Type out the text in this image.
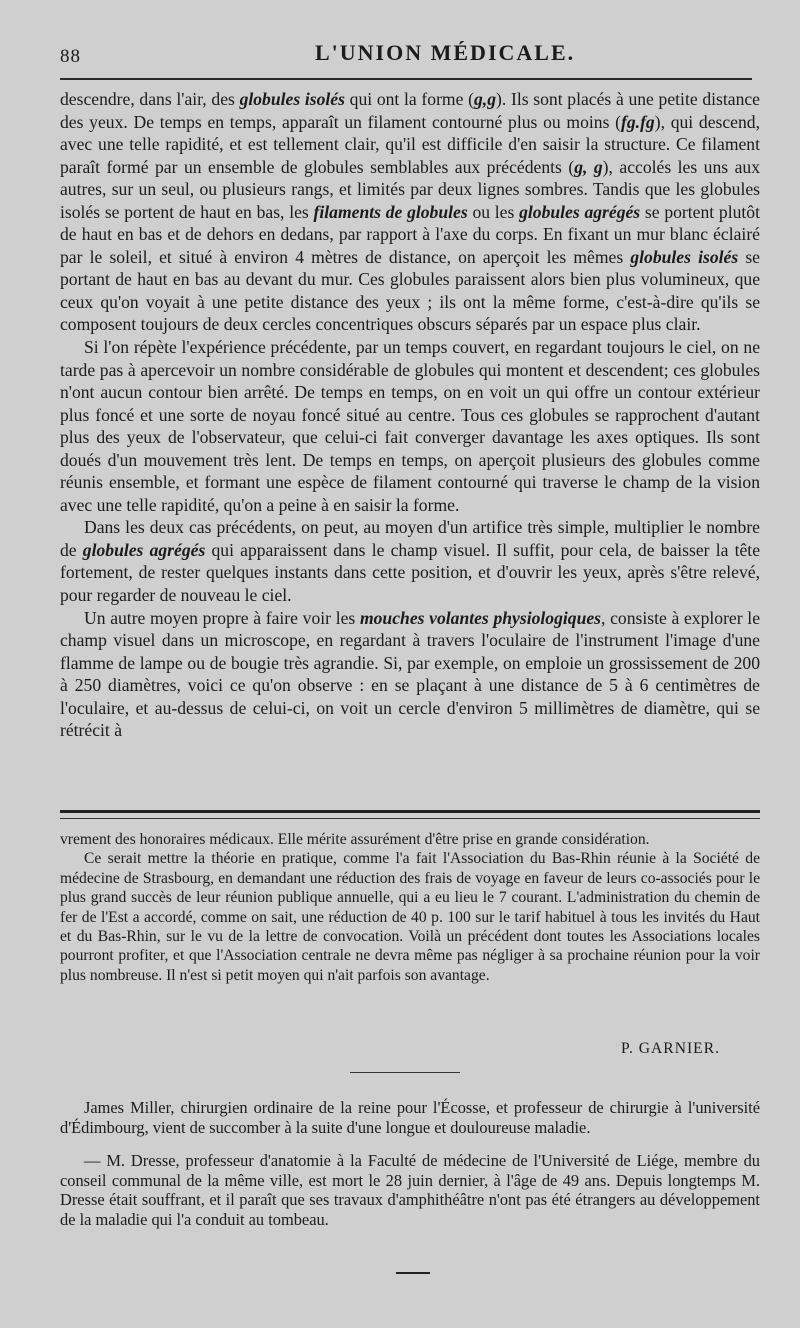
88	L'UNION MÉDICALE.

descendre, dans l'air, des globules isolés qui ont la forme (g,g). Ils sont placés à une petite distance des yeux. De temps en temps, apparaît un filament contourné plus ou moins (fg.fg), qui descend, avec une telle rapidité, et est tellement clair, qu'il est difficile d'en saisir la structure. Ce filament paraît formé par un ensemble de globules semblables aux précédents (g, g), accolés les uns aux autres, sur un seul, ou plusieurs rangs, et limités par deux lignes sombres. Tandis que les globules isolés se portent de haut en bas, les filaments de globules ou les globules agrégés se portent plutôt de haut en bas et de dehors en dedans, par rapport à l'axe du corps. En fixant un mur blanc éclairé par le soleil, et situé à environ 4 mètres de distance, on aperçoit les mêmes globules isolés se portant de haut en bas au devant du mur. Ces globules paraissent alors bien plus volumineux, que ceux qu'on voyait à une petite distance des yeux ; ils ont la même forme, c'est-à-dire qu'ils se composent toujours de deux cercles concentriques obscurs séparés par un espace plus clair.

Si l'on répète l'expérience précédente, par un temps couvert, en regardant toujours le ciel, on ne tarde pas à apercevoir un nombre considérable de globules qui montent et descendent; ces globules n'ont aucun contour bien arrêté. De temps en temps, on en voit un qui offre un contour extérieur plus foncé et une sorte de noyau foncé situé au centre. Tous ces globules se rapprochent d'autant plus des yeux de l'observateur, que celui-ci fait converger davantage les axes optiques. Ils sont doués d'un mouvement très lent. De temps en temps, on aperçoit plusieurs des globules comme réunis ensemble, et formant une espèce de filament contourné qui traverse le champ de la vision avec une telle rapidité, qu'on a peine à en saisir la forme.

Dans les deux cas précédents, on peut, au moyen d'un artifice très simple, multiplier le nombre de globules agrégés qui apparaissent dans le champ visuel. Il suffit, pour cela, de baisser la tête fortement, de rester quelques instants dans cette position, et d'ouvrir les yeux, après s'être relevé, pour regarder de nouveau le ciel.

Un autre moyen propre à faire voir les mouches volantes physiologiques, consiste à explorer le champ visuel dans un microscope, en regardant à travers l'oculaire de l'instrument l'image d'une flamme de lampe ou de bougie très agrandie. Si, par exemple, on emploie un grossissement de 200 à 250 diamètres, voici ce qu'on observe : en se plaçant à une distance de 5 à 6 centimètres de l'oculaire, et au-dessus de celui-ci, on voit un cercle d'environ 5 millimètres de diamètre, qui se rétrécit à

vrement des honoraires médicaux. Elle mérite assurément d'être prise en grande considération.

Ce serait mettre la théorie en pratique, comme l'a fait l'Association du Bas-Rhin réunie à la Société de médecine de Strasbourg, en demandant une réduction des frais de voyage en faveur de leurs co-associés pour le plus grand succès de leur réunion publique annuelle, qui a eu lieu le 7 courant. L'administration du chemin de fer de l'Est a accordé, comme on sait, une réduction de 40 p. 100 sur le tarif habituel à tous les invités du Haut et du Bas-Rhin, sur le vu de la lettre de convocation. Voilà un précédent dont toutes les Associations locales pourront profiter, et que l'Association centrale ne devra même pas négliger à sa prochaine réunion pour la voir plus nombreuse. Il n'est si petit moyen qui n'ait parfois son avantage.

P. GARNIER.

James Miller, chirurgien ordinaire de la reine pour l'Écosse, et professeur de chirurgie à l'université d'Édimbourg, vient de succomber à la suite d'une longue et douloureuse maladie.

— M. Dresse, professeur d'anatomie à la Faculté de médecine de l'Université de Liége, membre du conseil communal de la même ville, est mort le 28 juin dernier, à l'âge de 49 ans. Depuis longtemps M. Dresse était souffrant, et il paraît que ses travaux d'amphithéâtre n'ont pas été étrangers au développement de la maladie qui l'a conduit au tombeau.
